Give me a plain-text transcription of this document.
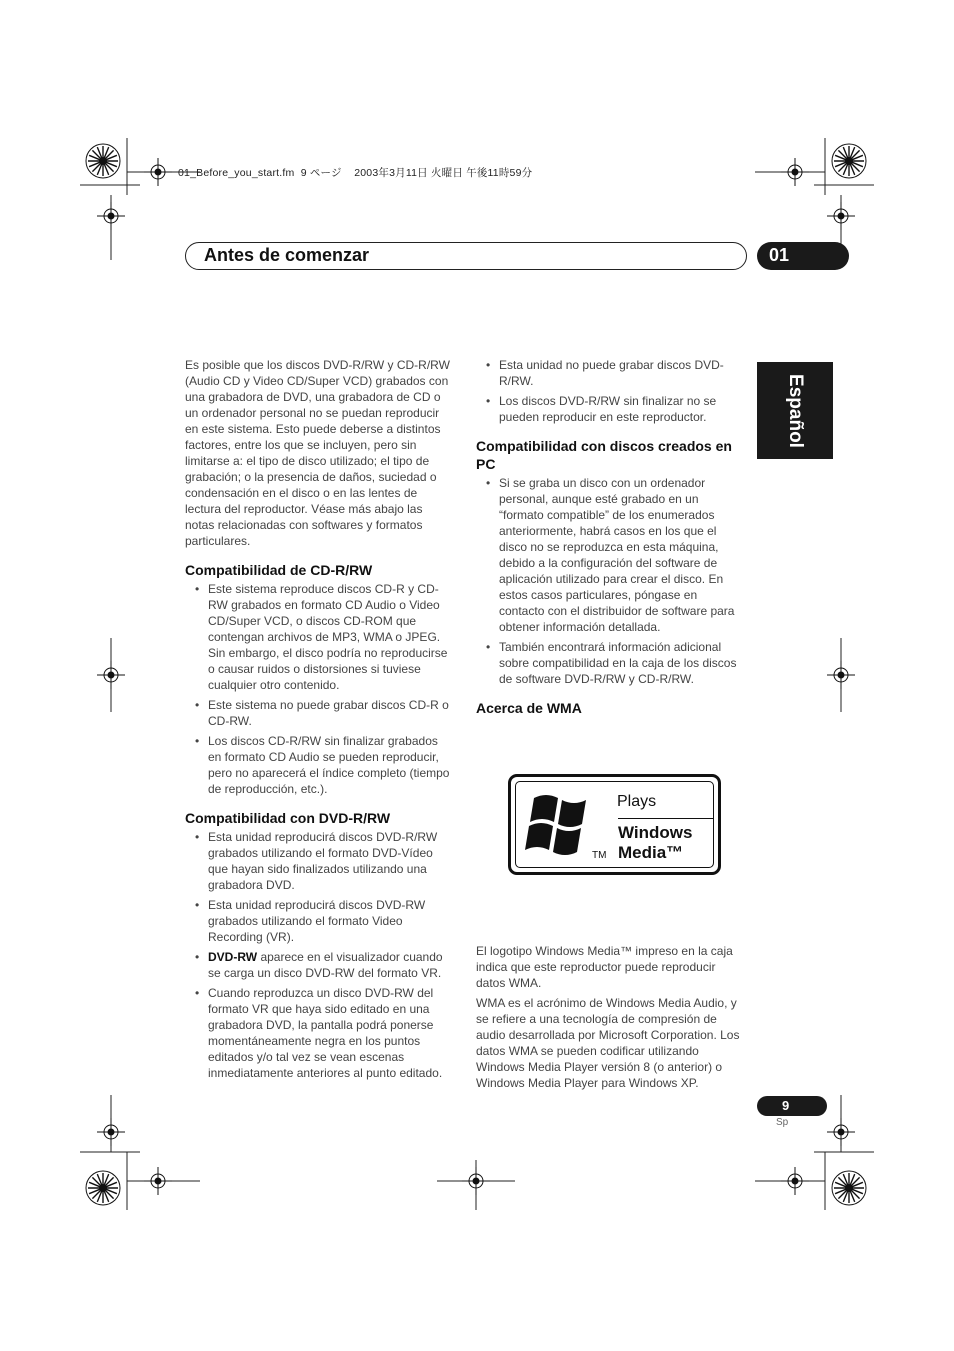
01_Before_you_start.fm  9 ページ    2003年3月11日 火曜日 午後11時59分
Antes de comenzar	01
Español

Es posible que los discos DVD-R/RW y CD-R/RW (Audio CD y Video CD/Super VCD) grabados con una grabadora de DVD, una grabadora de CD o un ordenador personal no se puedan reproducir en este sistema. Esto puede deberse a distintos factores, entre los que se incluyen, pero sin limitarse a: el tipo de disco utilizado; el tipo de grabación; o la presencia de daños, suciedad o condensación en el disco o en las lentes de lectura del reproductor. Véase más abajo las notas relacionadas con softwares y formatos particulares.

Compatibilidad de CD-R/RW
• Este sistema reproduce discos CD-R y CD-RW grabados en formato CD Audio o Video CD/Super VCD, o discos CD-ROM que contengan archivos de MP3, WMA o JPEG. Sin embargo, el disco podría no reproducirse o causar ruidos o distorsiones si tuviese cualquier otro contenido.
• Este sistema no puede grabar discos CD-R o CD-RW.
• Los discos CD-R/RW sin finalizar grabados en formato CD Audio se pueden reproducir, pero no aparecerá el índice completo (tiempo de reproducción, etc.).
Compatibilidad con DVD-R/RW
• Esta unidad reproducirá discos DVD-R/RW grabados utilizando el formato DVD-Vídeo que hayan sido finalizados utilizando una grabadora DVD.
• Esta unidad reproducirá discos DVD-RW grabados utilizando el formato Video Recording (VR).
• DVD-RW aparece en el visualizador cuando se carga un disco DVD-RW del formato VR.
• Cuando reproduzca un disco DVD-RW del formato VR que haya sido editado en una grabadora DVD, la pantalla podrá ponerse momentáneamente negra en los puntos editados y/o tal vez se vean escenas inmediatamente anteriores al punto editado.
• Esta unidad no puede grabar discos DVD-R/RW.
• Los discos DVD-R/RW sin finalizar no se pueden reproducir en este reproductor.
Compatibilidad con discos creados en PC
• Si se graba un disco con un ordenador personal, aunque esté grabado en un “formato compatible” de los enumerados anteriormente, habrá casos en los que el disco no se reproduzca en esta máquina, debido a la configuración del software de aplicación utilizado para crear el disco. En estos casos particulares, póngase en contacto con el distribuidor de software para obtener información detallada.
• También encontrará información adicional sobre compatibilidad en la caja de los discos de software DVD-R/RW y CD-R/RW.
Acerca de WMA
Plays
Windows
Media™
TM

El logotipo Windows Media™ impreso en la caja indica que este reproductor puede reproducir datos WMA.

WMA es el acrónimo de Windows Media Audio, y se refiere a una tecnología de compresión de audio desarrollada por Microsoft Corporation. Los datos WMA se pueden codificar utilizando Windows Media Player versión 8 (o anterior) o Windows Media Player para Windows XP.

9
Sp
